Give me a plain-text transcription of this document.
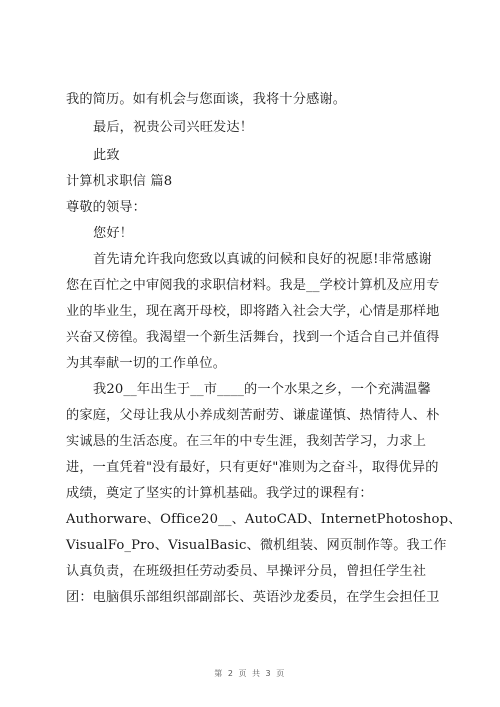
我的简历。如有机会与您面谈，我将十分感谢。

最后，祝贵公司兴旺发达！

此致

计算机求职信 篇8

尊敬的领导：

您好！

首先请允许我向您致以真诚的问候和良好的祝愿!非常感谢

您在百忙之中审阅我的求职信材料。我是__学校计算机及应用专

业的毕业生，现在离开母校，即将踏入社会大学，心情是那样地

兴奋又傍徨。我渴望一个新生活舞台，找到一个适合自己并值得

为其奉献一切的工作单位。

我20__年出生于__市____的一个水果之乡，一个充满温馨

的家庭，父母让我从小养成刻苦耐劳、谦虚谨慎、热情待人、朴

实诚恳的生活态度。在三年的中专生涯，我刻苦学习，力求上

进，一直凭着"没有最好，只有更好"准则为之奋斗，取得优异的

成绩，奠定了坚实的计算机基础。我学过的课程有：

Authorware、Office20__、AutoCAD、InternetPhotoshop、

VisualFo_Pro、VisualBasic、微机组装、网页制作等。我工作

认真负责，在班级担任劳动委员、早操评分员，曾担任学生社

团：电脑俱乐部组织部副部长、英语沙龙委员，在学生会担任卫

第 2 页 共 3 页
